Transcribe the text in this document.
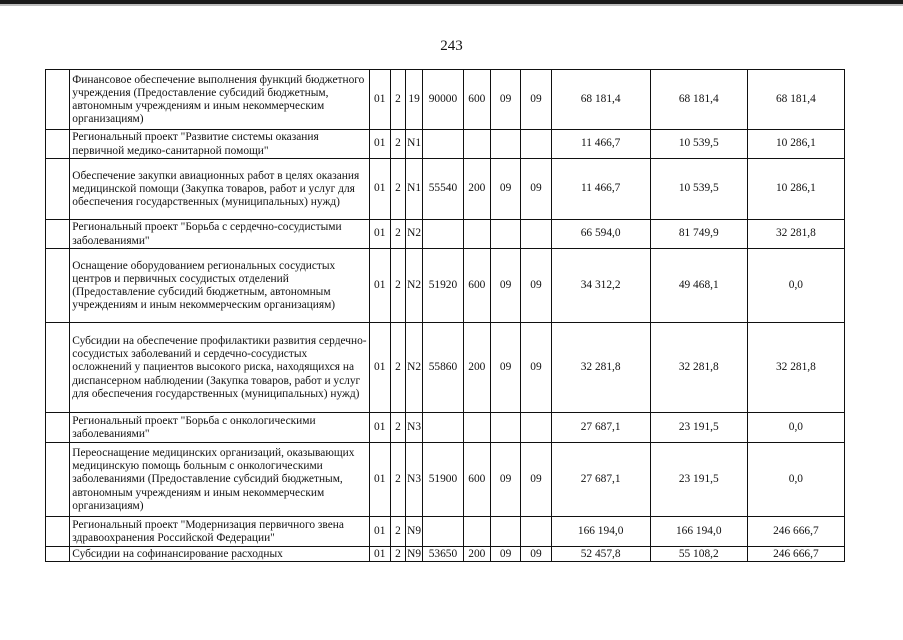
243
	Финансовое обеспечение выполнения функций бюджетного учреждения (Предоставление субсидий бюджетным, автономным учреждениям и иным некоммерческим организациям)	01	2	19	90000	600	09	09	68 181,4	68 181,4	68 181,4
	Региональный проект "Развитие системы оказания первичной медико-санитарной помощи"	01	2	N1					11 466,7	10 539,5	10 286,1
	Обеспечение закупки авиационных работ в целях оказания медицинской помощи (Закупка товаров, работ и услуг для обеспечения государственных (муниципальных) нужд)	01	2	N1	55540	200	09	09	11 466,7	10 539,5	10 286,1
	Региональный проект "Борьба с сердечно-сосудистыми заболеваниями"	01	2	N2					66 594,0	81 749,9	32 281,8
	Оснащение оборудованием региональных сосудистых центров и первичных сосудистых отделений (Предоставление субсидий бюджетным, автономным учреждениям и иным некоммерческим организациям)	01	2	N2	51920	600	09	09	34 312,2	49 468,1	0,0
	Субсидии на обеспечение профилактики развития сердечно-сосудистых заболеваний и сердечно-сосудистых осложнений у пациентов высокого риска, находящихся на диспансерном наблюдении (Закупка товаров, работ и услуг для обеспечения государственных (муниципальных) нужд)	01	2	N2	55860	200	09	09	32 281,8	32 281,8	32 281,8
	Региональный проект "Борьба с онкологическими заболеваниями"	01	2	N3					27 687,1	23 191,5	0,0
	Переоснащение медицинских организаций, оказывающих медицинскую помощь больным с онкологическими заболеваниями (Предоставление субсидий бюджетным, автономным учреждениям и иным некоммерческим организациям)	01	2	N3	51900	600	09	09	27 687,1	23 191,5	0,0
	Региональный проект "Модернизация первичного звена здравоохранения Российской Федерации"	01	2	N9					166 194,0	166 194,0	246 666,7
	Субсидии на софинансирование расходных	01	2	N9	53650	200	09	09	52 457,8	55 108,2	246 666,7
